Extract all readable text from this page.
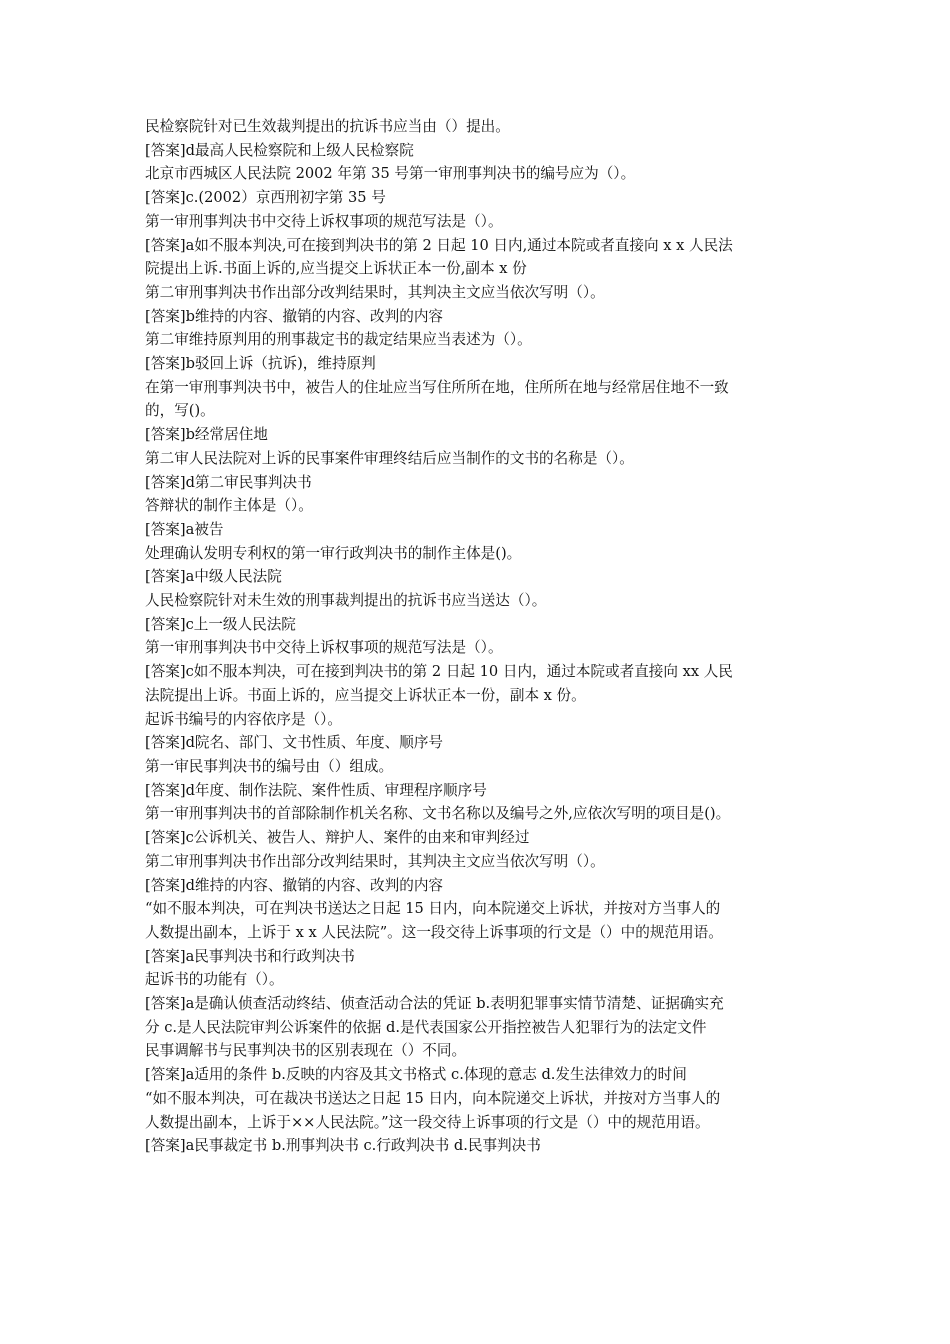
民检察院针对已生效裁判提出的抗诉书应当由（）提出。

[答案]d最高人民检察院和上级人民检察院

北京市西城区人民法院 2002 年第 35 号第一审刑事判决书的编号应为（）。

[答案]c.(2002）京西刑初字第 35 号

第一审刑事判决书中交待上诉权事项的规范写法是（）。

[答案]a如不服本判决,可在接到判决书的第 2 日起 10 日内,通过本院或者直接向 x x 人民法

院提出上诉.书面上诉的,应当提交上诉状正本一份,副本 x 份

第二审刑事判决书作出部分改判结果时，其判决主文应当依次写明（）。

[答案]b维持的内容、撤销的内容、改判的内容

第二审维持原判用的刑事裁定书的裁定结果应当表述为（）。

[答案]b驳回上诉（抗诉)，维持原判

在第一审刑事判决书中，被告人的住址应当写住所所在地，住所所在地与经常居住地不一致

的，写()。

[答案]b经常居住地

第二审人民法院对上诉的民事案件审理终结后应当制作的文书的名称是（）。

[答案]d第二审民事判决书

答辩状的制作主体是（）。

[答案]a被告

处理确认发明专利权的第一审行政判决书的制作主体是()。

[答案]a中级人民法院

人民检察院针对未生效的刑事裁判提出的抗诉书应当送达（）。

[答案]c上一级人民法院

第一审刑事判决书中交待上诉权事项的规范写法是（）。

[答案]c如不服本判决，可在接到判决书的第 2 日起 10 日内，通过本院或者直接向 xx 人民

法院提出上诉。书面上诉的，应当提交上诉状正本一份，副本 x 份。

起诉书编号的内容依序是（）。

[答案]d院名、部门、文书性质、年度、顺序号

第一审民事判决书的编号由（）组成。

[答案]d年度、制作法院、案件性质、审理程序顺序号

第一审刑事判决书的首部除制作机关名称、文书名称以及编号之外,应依次写明的项目是()。

[答案]c公诉机关、被告人、辩护人、案件的由来和审判经过

第二审刑事判决书作出部分改判结果时，其判决主文应当依次写明（）。

[答案]d维持的内容、撤销的内容、改判的内容

“如不服本判决，可在判决书送达之日起 15 日内，向本院递交上诉状，并按对方当事人的

人数提出副本，上诉于 x x 人民法院”。这一段交待上诉事项的行文是（）中的规范用语。

[答案]a民事判决书和行政判决书

起诉书的功能有（）。

[答案]a是确认侦查活动终结、侦查活动合法的凭证 b.表明犯罪事实情节清楚、证据确实充

分 c.是人民法院审判公诉案件的依据 d.是代表国家公开指控被告人犯罪行为的法定文件

民事调解书与民事判决书的区别表现在（）不同。

[答案]a适用的条件 b.反映的内容及其文书格式 c.体现的意志 d.发生法律效力的时间

“如不服本判决，可在裁决书送达之日起 15 日内，向本院递交上诉状，并按对方当事人的

人数提出副本，上诉于××人民法院。”这一段交待上诉事项的行文是（）中的规范用语。

[答案]a民事裁定书 b.刑事判决书 c.行政判决书 d.民事判决书
